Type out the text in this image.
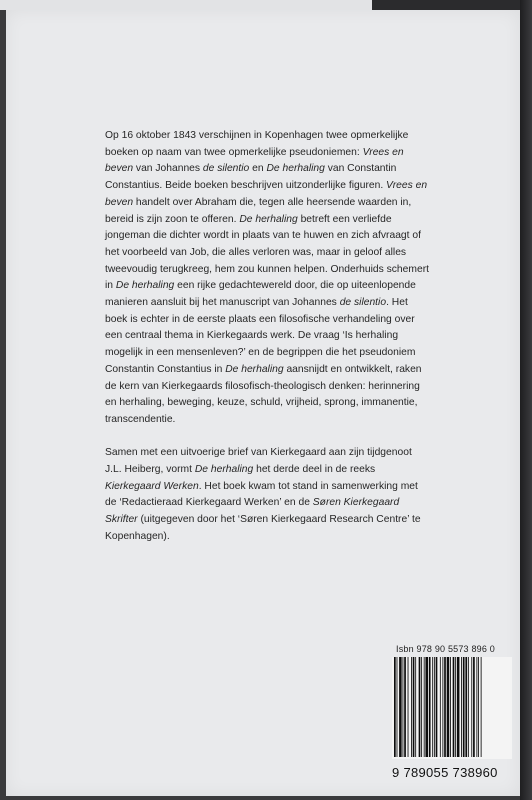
Op 16 oktober 1843 verschijnen in Kopenhagen twee opmerkelijke boeken op naam van twee opmerkelijke pseudoniemen: Vrees en beven van Johannes de silentio en De herhaling van Constantin Constantius. Beide boeken beschrijven uitzonderlijke figuren. Vrees en beven handelt over Abraham die, tegen alle heersende waarden in, bereid is zijn zoon te offeren. De herhaling betreft een verliefde jongeman die dichter wordt in plaats van te huwen en zich afvraagt of het voorbeeld van Job, die alles verloren was, maar in geloof alles tweevoudig terugkreeg, hem zou kunnen helpen. Onderhuids schemert in De herhaling een rijke gedachtewereld door, die op uiteenlopende manieren aansluit bij het manuscript van Johannes de silentio. Het boek is echter in de eerste plaats een filosofische verhandeling over een centraal thema in Kierkegaards werk. De vraag ‘Is herhaling mogelijk in een mensenleven?’ en de begrippen die het pseudoniem Constantin Constantius in De herhaling aansnijdt en ontwikkelt, raken de kern van Kierkegaards filosofisch-theologisch denken: herinnering en herhaling, beweging, keuze, schuld, vrijheid, sprong, immanentie, transcendentie.

Samen met een uitvoerige brief van Kierkegaard aan zijn tijdgenoot J.L. Heiberg, vormt De herhaling het derde deel in de reeks Kierkegaard Werken. Het boek kwam tot stand in samenwerking met de ‘Redactieraad Kierkegaard Werken’ en de Søren Kierkegaard Skrifter (uitgegeven door het ‘Søren Kierkegaard Research Centre’ te Kopenhagen).

Isbn 978 90 5573 896 0
9 789055 738960
